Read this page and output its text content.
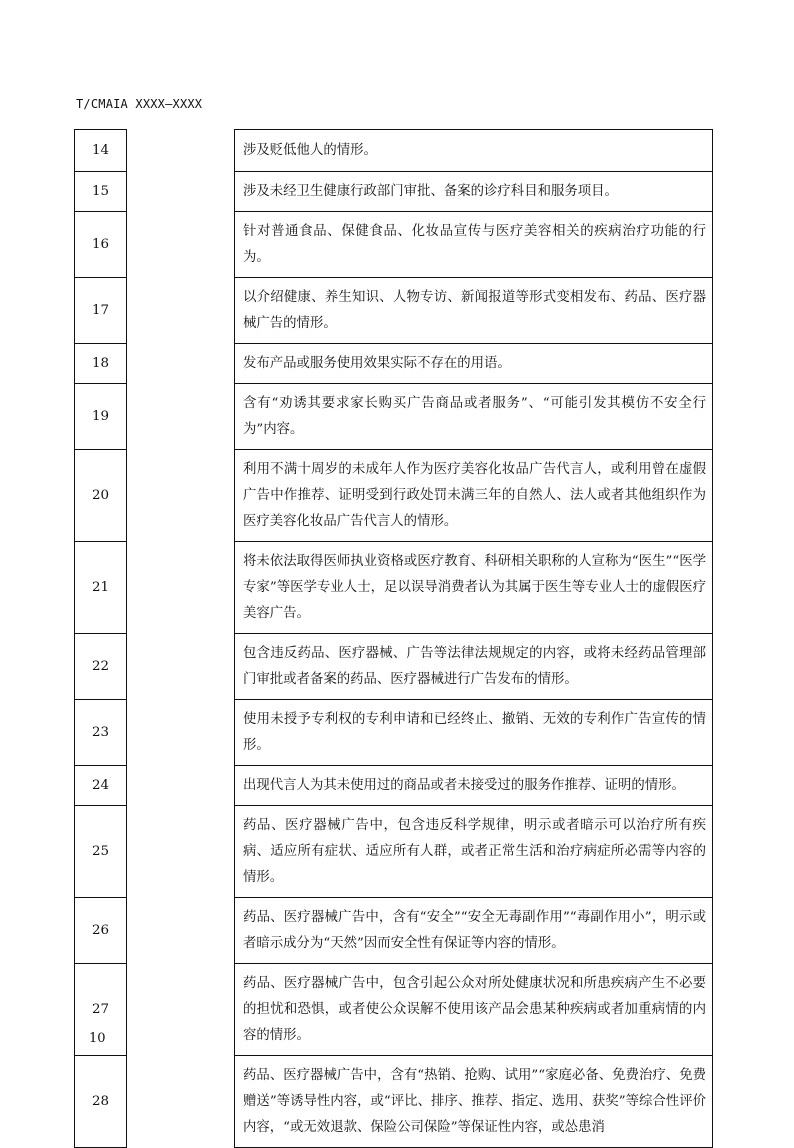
T/CMAIA XXXX—XXXX
14		涉及贬低他人的情形。
15		涉及未经卫生健康行政部门审批、备案的诊疗科目和服务项目。
16		针对普通食品、保健食品、化妆品宣传与医疗美容相关的疾病治疗功能的行为。
17		以介绍健康、养生知识、人物专访、新闻报道等形式变相发布、药品、医疗器械广告的情形。
18		发布产品或服务使用效果实际不存在的用语。
19		含有“劝诱其要求家长购买广告商品或者服务”、“可能引发其模仿不安全行为”内容。
20		利用不满十周岁的未成年人作为医疗美容化妆品广告代言人，或利用曾在虚假广告中作推荐、证明受到行政处罚未满三年的自然人、法人或者其他组织作为医疗美容化妆品广告代言人的情形。
21		将未依法取得医师执业资格或医疗教育、科研相关职称的人宣称为“医生”“医学专家”等医学专业人士，足以误导消费者认为其属于医生等专业人士的虚假医疗美容广告。
22		包含违反药品、医疗器械、广告等法律法规规定的内容，或将未经药品管理部门审批或者备案的药品、医疗器械进行广告发布的情形。
23		使用未授予专利权的专利申请和已经终止、撤销、无效的专利作广告宣传的情形。
24		出现代言人为其未使用过的商品或者未接受过的服务作推荐、证明的情形。
25		药品、医疗器械广告中，包含违反科学规律，明示或者暗示可以治疗所有疾病、适应所有症状、适应所有人群，或者正常生活和治疗病症所必需等内容的情形。
26		药品、医疗器械广告中，含有“安全”“安全无毒副作用”“毒副作用小”，明示或者暗示成分为“天然”因而安全性有保证等内容的情形。
27		药品、医疗器械广告中，包含引起公众对所处健康状况和所患疾病产生不必要的担忧和恐惧，或者使公众误解不使用该产品会患某种疾病或者加重病情的内容的情形。
28		药品、医疗器械广告中，含有“热销、抢购、试用”“家庭必备、免费治疗、免费赠送”等诱导性内容，或“评比、排序、推荐、指定、选用、获奖”等综合性评价内容，“或无效退款、保险公司保险”等保证性内容，或怂患消
10
